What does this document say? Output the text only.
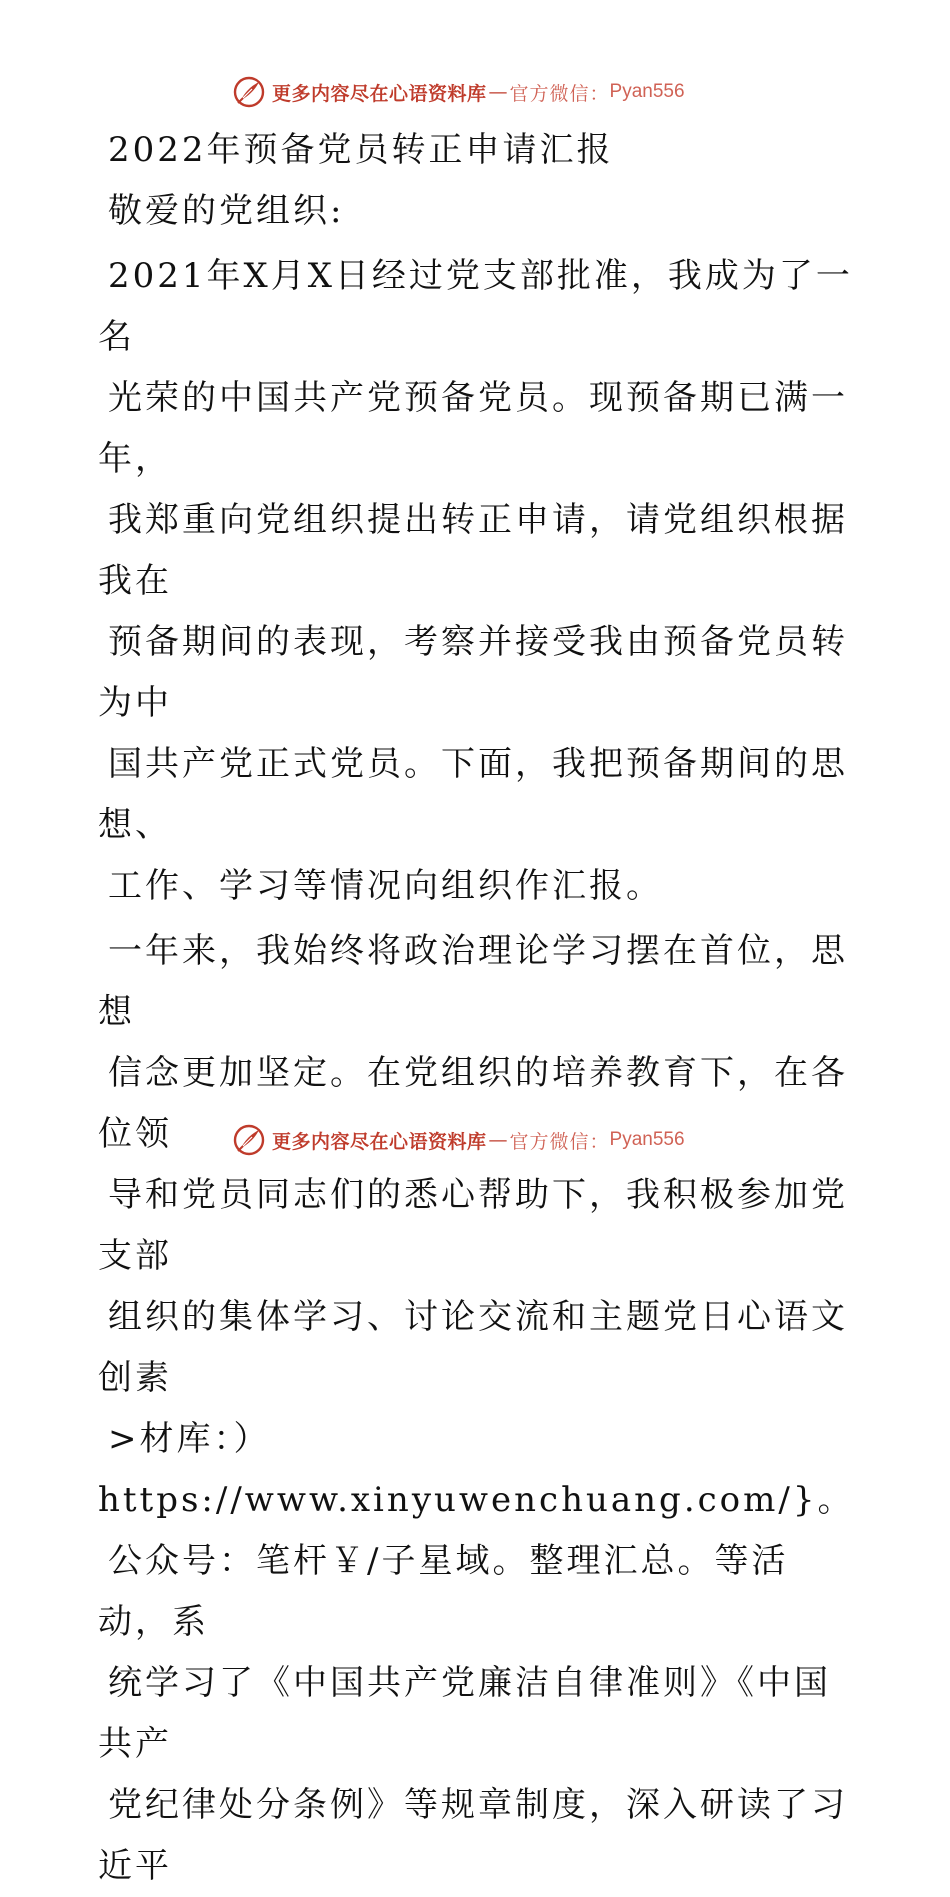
更多内容尽在心语资料库 — 官方微信： Pyan556

2022年预备党员转正申请汇报

敬爱的党组织:

2021年X月X日经过党支部批准，我成为了一名

光荣的中国共产党预备党员。现预备期已满一年，

我郑重向党组织提出转正申请，请党组织根据我在

预备期间的表现，考察并接受我由预备党员转为中

国共产党正式党员。下面，我把预备期间的思想、

工作、学习等情况向组织作汇报。

一年来，我始终将政治理论学习摆在首位，思想

信念更加坚定。在党组织的培养教育下，在各位领

导和党员同志们的悉心帮助下，我积极参加党支部

组织的集体学习、讨论交流和主题党日心语文创素

>材库：）https://www.xinyuwenchuang.com/}。

公众号：笔杆￥/子星域。整理汇总。等活动，系

统学习了《中国共产党廉洁自律准则》《中国共产

党纪律处分条例》等规章制度，深入研读了习近平

更多内容尽在心语资料库 — 官方微信： Pyan556
